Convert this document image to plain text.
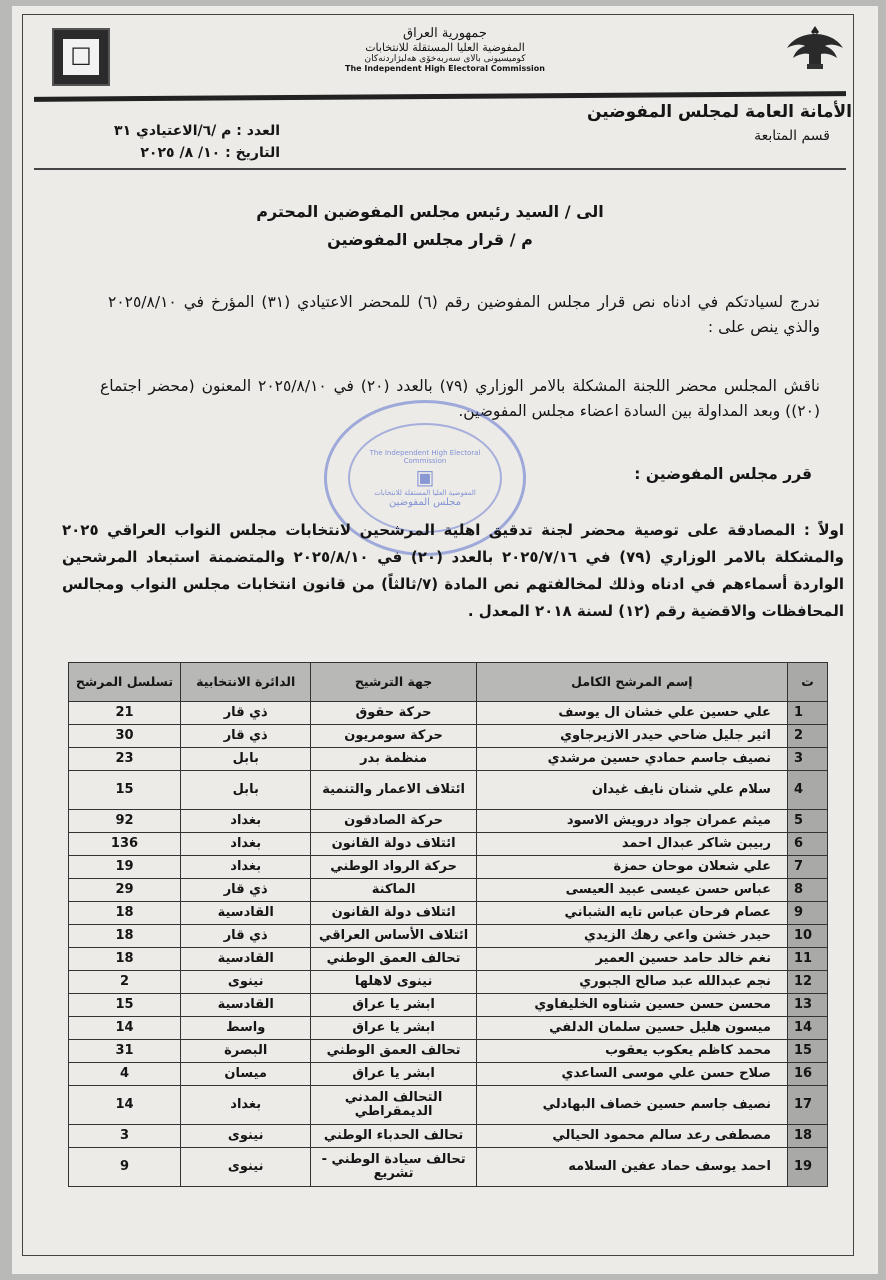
☐
جمهورية العراق
المفوضية العليا المستقلة للانتخابات
كوميسيونى بالاى سەربەخۆى هەلبژاردنەكان
The Independent High Electoral Commission
الأمانة العامة لمجلس المفوضين
قسم المتابعة
العدد : م /٦/الاعتيادي ٣١
التاريخ : ١٠/ ٨/ ٢٠٢٥
الى / السيد رئيس مجلس المفوضين المحترم
م / قرار مجلس المفوضين
ندرج لسيادتكم في ادناه نص قرار مجلس المفوضين رقم (٦) للمحضر الاعتيادي (٣١) المؤرخ في ٢٠٢٥/٨/١٠ والذي ينص على :
ناقش المجلس محضر اللجنة المشكلة بالامر الوزاري (٧٩) بالعدد (٢٠) في ٢٠٢٥/٨/١٠ المعنون (محضر اجتماع (٢٠)) وبعد المداولة بين السادة اعضاء مجلس المفوضين.
The Independent High Electoral Commission
▣
المفوضية العليا المستقلة للانتخابات
مجلس المفوضين
قرر مجلس المفوضين :
اولاً : المصادقة على توصية محضر لجنة تدقيق اهلية المرشحين لانتخابات مجلس النواب العراقي ٢٠٢٥ والمشكلة بالامر الوزاري (٧٩) في ٢٠٢٥/٧/١٦ بالعدد (٢٠) في ٢٠٢٥/٨/١٠ والمتضمنة استبعاد المرشحين الواردة أسماءهم في ادناه وذلك لمخالفتهم نص المادة (٧/ثالثاً) من قانون انتخابات مجلس النواب ومجالس المحافظات والاقضية رقم (١٢) لسنة ٢٠١٨ المعدل .
ت	إسم المرشح الكامل	جهة الترشيح	الدائرة الانتخابية	تسلسل المرشح
1	علي حسين علي خشان ال يوسف	حركة حقوق	ذي قار	21
2	اثير جليل ضاحي حيدر الازيرجاوي	حركة سومريون	ذي قار	30
3	نصيف جاسم حمادي حسين مرشدي	منظمة بدر	بابل	23
4	سلام علي شنان نايف غيدان	ائتلاف الاعمار والتنمية	بابل	15
5	ميثم عمران جواد درويش الاسود	حركة الصادقون	بغداد	92
6	ربيبن شاكر عبدال احمد	ائتلاف دولة القانون	بغداد	136
7	علي شعلان موحان حمزة	حركة الرواد الوطني	بغداد	19
8	عباس حسن عيسى عبيد العيسى	الماكنة	ذي قار	29
9	عصام فرحان عباس تايه الشباني	ائتلاف دولة القانون	القادسية	18
10	حيدر خشن واعي رهك الزيدي	ائتلاف الأساس العراقي	ذي قار	18
11	نغم خالد حامد حسين العمير	تحالف العمق الوطني	القادسية	18
12	نجم عبدالله عبد صالح الجبوري	نينوى لاهلها	نينوى	2
13	محسن حسن حسين شناوه الخليفاوي	ابشر يا عراق	القادسية	15
14	ميسون هليل حسين سلمان الدلفي	ابشر يا عراق	واسط	14
15	محمد كاظم يعكوب يعقوب	تحالف العمق الوطني	البصرة	31
16	صلاح حسن علي موسى الساعدي	ابشر يا عراق	ميسان	4
17	نصيف جاسم حسين خصاف البهادلي	التحالف المدني الديمقراطي	بغداد	14
18	مصطفى رعد سالم محمود الحيالي	تحالف الحدباء الوطني	نينوى	3
19	احمد يوسف حماد عفين السلامه	تحالف سيادة الوطني - تشريع	نينوى	9
